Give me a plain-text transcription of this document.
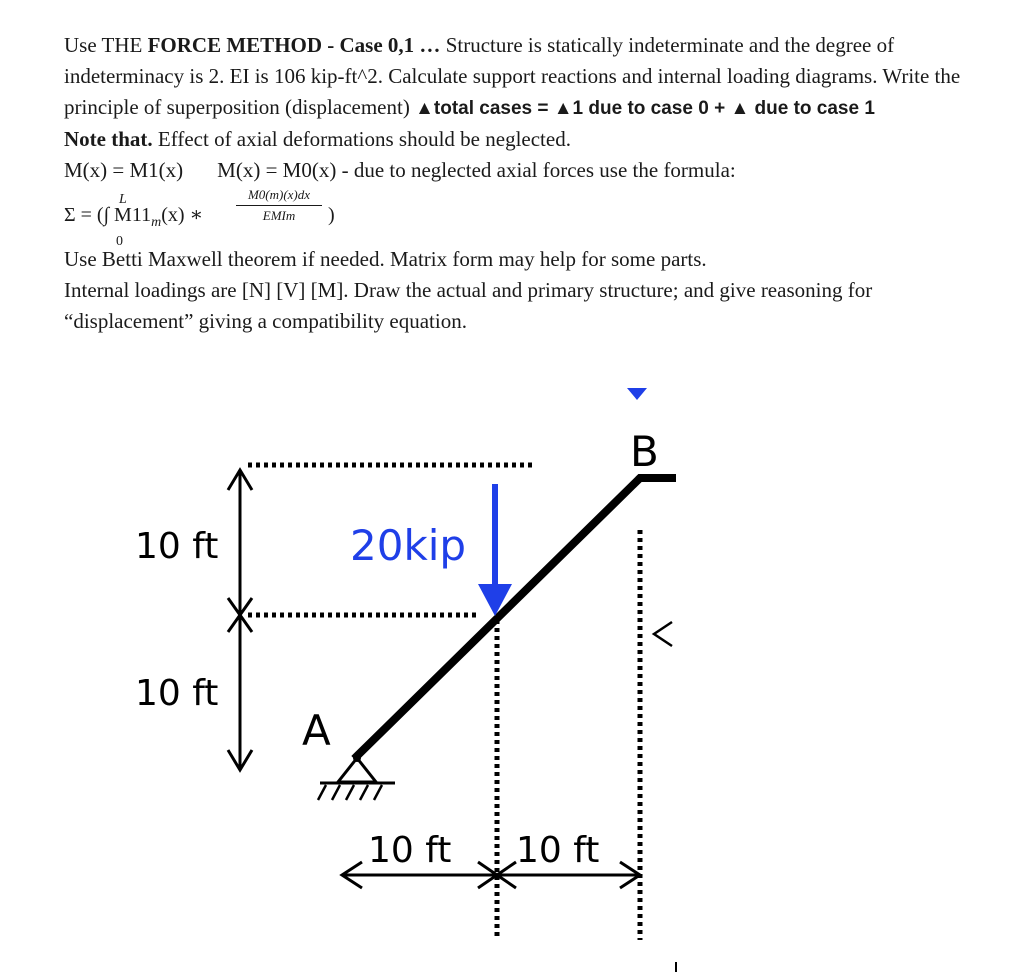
Use THE FORCE METHOD - Case 0,1 … Structure is statically indeterminate and the degree of indeterminacy is 2. EI is 106 kip-ft^2. Calculate support reactions and internal loading diagrams. Write the principle of superposition (displacement) ▲total cases = ▲1 due to case 0 + ▲ due to case 1

Note that. Effect of axial deformations should be neglected.

M(x) = M1(x) M(x) = M0(x) - due to neglected axial forces use the formula:

Σ = (∫ $M11_m(x)$ ∗
L
0
M0(m)(x)dx
EMIm	)

Use Betti Maxwell theorem if needed. Matrix form may help for some parts.

Internal loadings are [N] [V] [M]. Draw the actual and primary structure; and give reasoning for “displacement” giving a compatibility equation.

10 ft
10 ft
20kip
B
A
10 ft 10 ft
